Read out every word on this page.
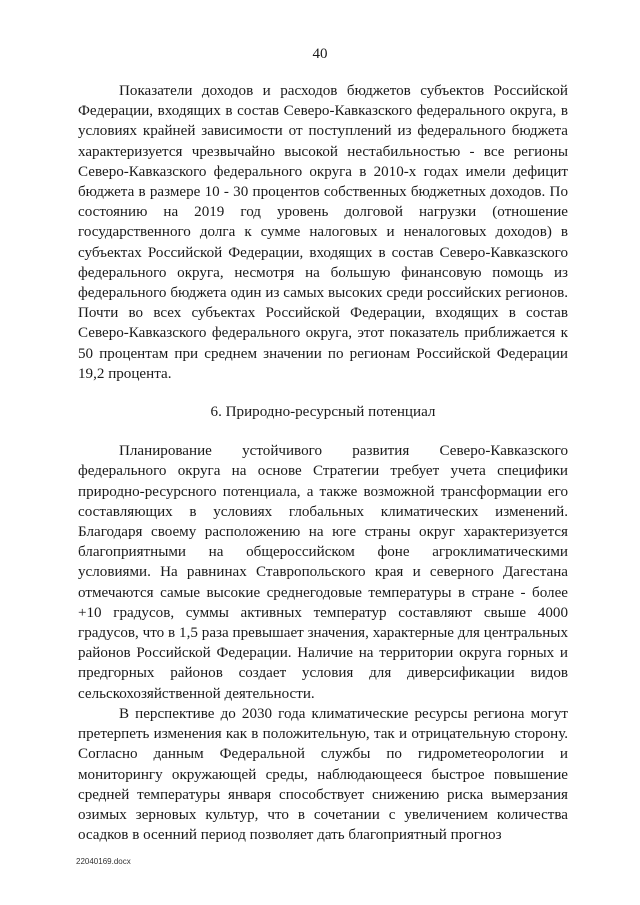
40

Показатели доходов и расходов бюджетов субъектов Российской Федерации, входящих в состав Северо-Кавказского федерального округа, в условиях крайней зависимости от поступлений из федерального бюджета характеризуется чрезвычайно высокой нестабильностью - все регионы Северо-Кавказского федерального округа в 2010-х годах имели дефицит бюджета в размере 10 - 30 процентов собственных бюджетных доходов. По состоянию на 2019 год уровень долговой нагрузки (отношение государственного долга к сумме налоговых и неналоговых доходов) в субъектах Российской Федерации, входящих в состав Северо-Кавказского федерального округа, несмотря на большую финансовую помощь из федерального бюджета один из самых высоких среди российских регионов. Почти во всех субъектах Российской Федерации, входящих в состав Северо-Кавказского федерального округа, этот показатель приближается к 50 процентам при среднем значении по регионам Российской Федерации 19,2 процента.

6. Природно-ресурсный потенциал

Планирование устойчивого развития Северо-Кавказского федерального округа на основе Стратегии требует учета специфики природно-ресурсного потенциала, а также возможной трансформации его составляющих в условиях глобальных климатических изменений. Благодаря своему расположению на юге страны округ характеризуется благоприятными на общероссийском фоне агроклиматическими условиями. На равнинах Ставропольского края и северного Дагестана отмечаются самые высокие среднегодовые температуры в стране - более +10 градусов, суммы активных температур составляют свыше 4000 градусов, что в 1,5 раза превышает значения, характерные для центральных районов Российской Федерации. Наличие на территории округа горных и предгорных районов создает условия для диверсификации видов сельскохозяйственной деятельности.

В перспективе до 2030 года климатические ресурсы региона могут претерпеть изменения как в положительную, так и отрицательную сторону. Согласно данным Федеральной службы по гидрометеорологии и мониторингу окружающей среды, наблюдающееся быстрое повышение средней температуры января способствует снижению риска вымерзания озимых зерновых культур, что в сочетании с увеличением количества осадков в осенний период позволяет дать благоприятный прогноз

22040169.docx
